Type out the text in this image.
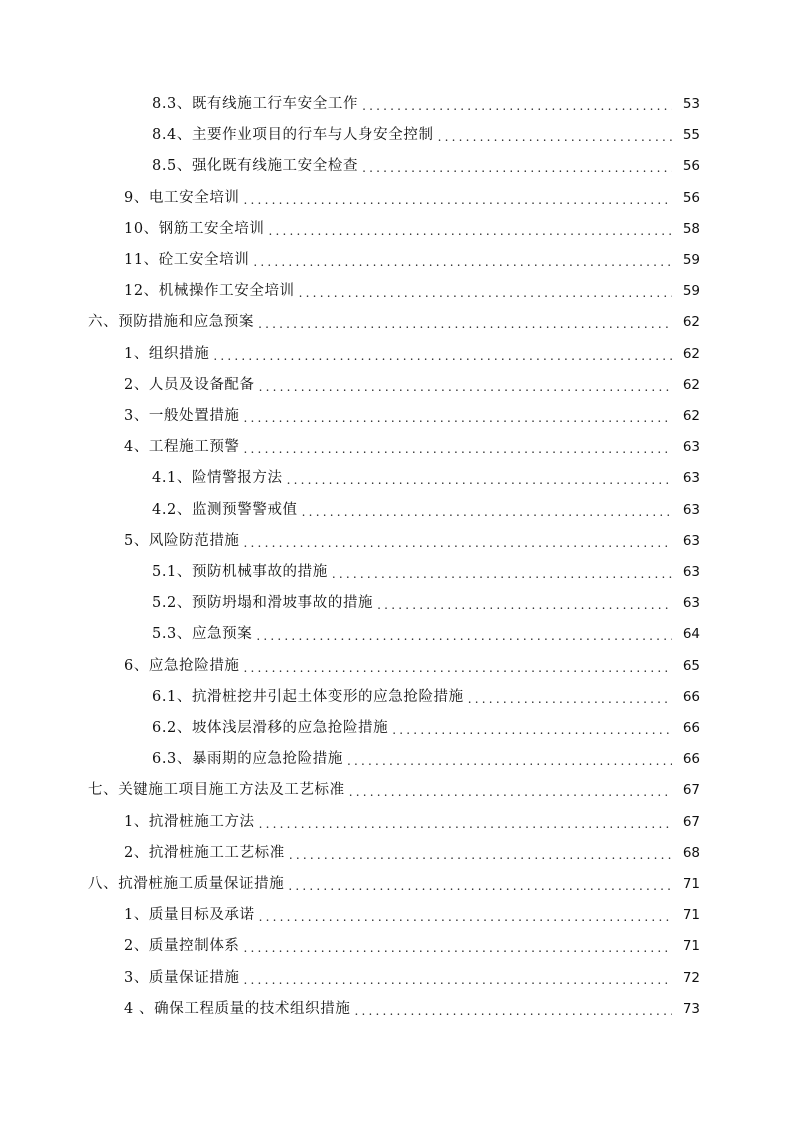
8.3、既有线施工行车安全工作 .....	53
8.4、主要作业项目的行车与人身安全控制 .....	55
8.5、强化既有线施工安全检查 .....	56
9、电工安全培训 .....	56
10、钢筋工安全培训 .....	58
11、砼工安全培训 .....	59
12、机械操作工安全培训 .....	59
六、预防措施和应急预案 .....	62
1、组织措施 .....	62
2、人员及设备配备 .....	62
3、一般处置措施 .....	62
4、工程施工预警 .....	63
4.1、险情警报方法 .....	63
4.2、监测预警警戒值 .....	63
5、风险防范措施 .....	63
5.1、预防机械事故的措施 .....	63
5.2、预防坍塌和滑坡事故的措施 .....	63
5.3、应急预案 .....	64
6、应急抢险措施 .....	65
6.1、抗滑桩挖井引起土体变形的应急抢险措施 .....	66
6.2、坡体浅层滑移的应急抢险措施 .....	66
6.3、暴雨期的应急抢险措施 .....	66
七、关键施工项目施工方法及工艺标准 .....	67
1、抗滑桩施工方法 .....	67
2、抗滑桩施工工艺标准 .....	68
八、抗滑桩施工质量保证措施 .....	71
1、质量目标及承诺 .....	71
2、质量控制体系 .....	71
3、质量保证措施 .....	72
4 、确保工程质量的技术组织措施 .....	73
